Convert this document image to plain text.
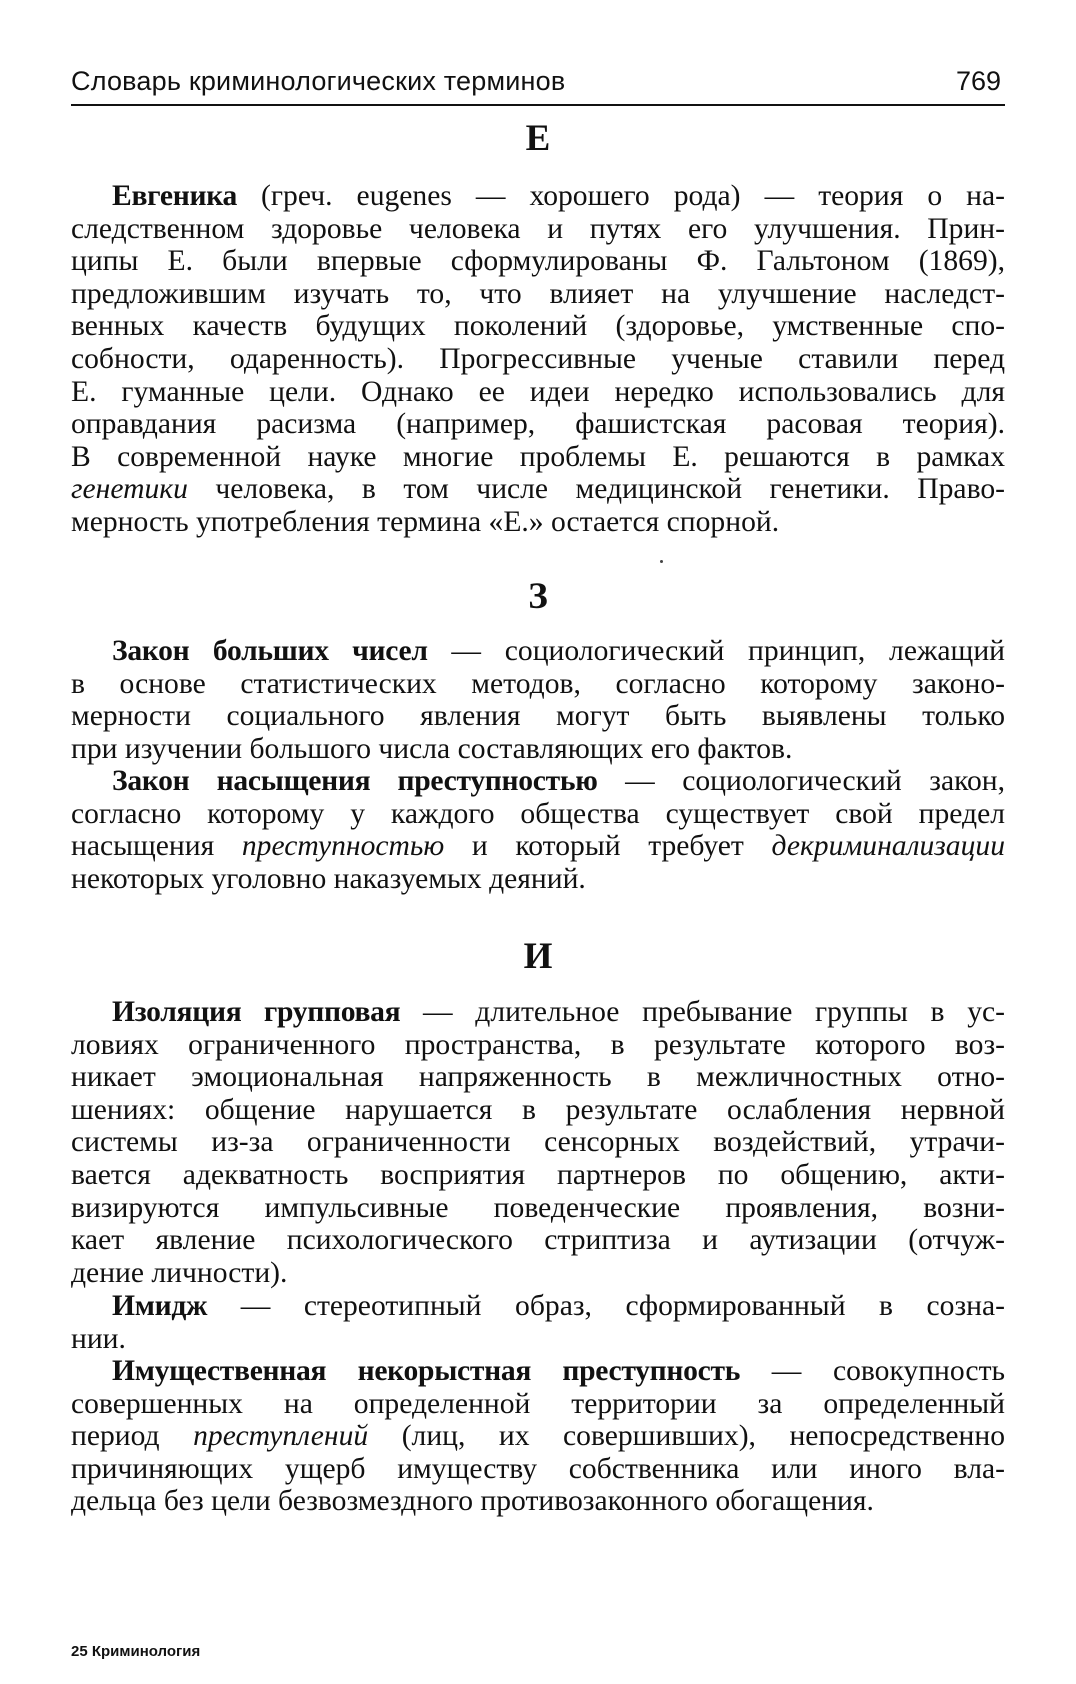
Словарь криминологических терминов	769
Е
Евгеника (греч. eugenes — хорошего рода) — теория о на-
следственном здоровье человека и путях его улучшения. Прин-
ципы Е. были впервые сформулированы Ф. Гальтоном (1869),
предложившим изучать то, что влияет на улучшение наследст-
венных качеств будущих поколений (здоровье, умственные спо-
собности, одаренность). Прогрессивные ученые ставили перед
Е. гуманные цели. Однако ее идеи нередко использовались для
оправдания расизма (например, фашистская расовая теория).
В современной науке многие проблемы Е. решаются в рамках
генетики человека, в том числе медицинской генетики. Право-
мерность употребления термина «Е.» остается спорной.
З
Закон больших чисел — социологический принцип, лежащий
в основе статистических методов, согласно которому законо-
мерности социального явления могут быть выявлены только
при изучении большого числа составляющих его фактов.
Закон насыщения преступностью — социологический закон,
согласно которому у каждого общества существует свой предел
насыщения преступностью и который требует декриминализации
некоторых уголовно наказуемых деяний.
И
Изоляция групповая — длительное пребывание группы в ус-
ловиях ограниченного пространства, в результате которого воз-
никает эмоциональная напряженность в межличностных отно-
шениях: общение нарушается в результате ослабления нервной
системы из-за ограниченности сенсорных воздействий, утрачи-
вается адекватность восприятия партнеров по общению, акти-
визируются импульсивные поведенческие проявления, возни-
кает явление психологического стриптиза и аутизации (отчуж-
дение личности).
Имидж — стереотипный образ, сформированный в созна-
нии.
Имущественная некорыстная преступность — совокупность
совершенных на определенной территории за определенный
период преступлений (лиц, их совершивших), непосредственно
причиняющих ущерб имуществу собственника или иного вла-
дельца без цели безвозмездного противозаконного обогащения.
25 Криминология
